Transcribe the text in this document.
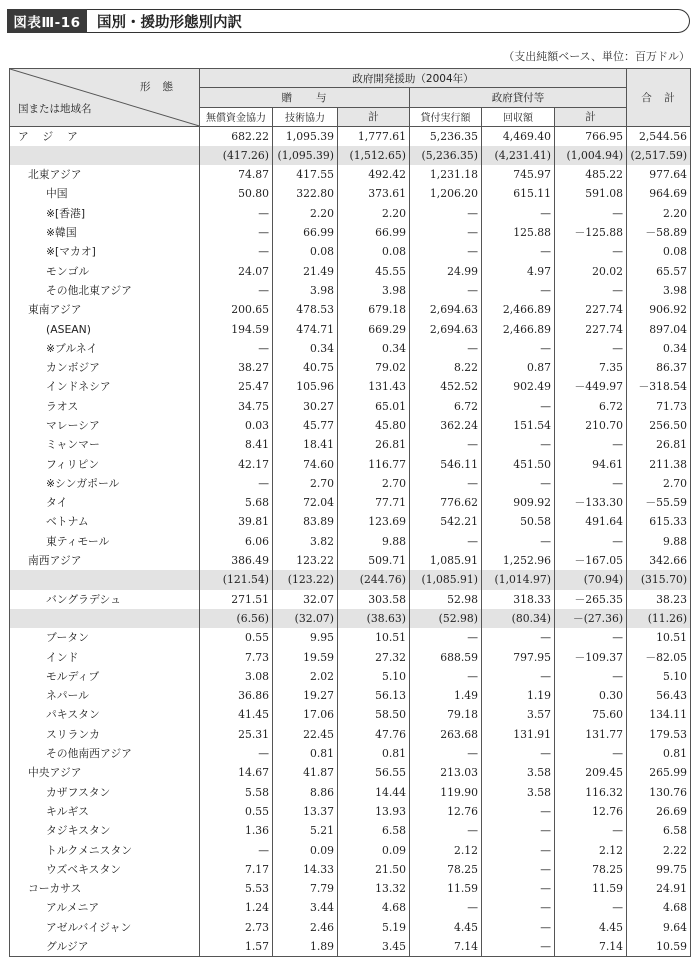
図表Ⅲ-16	国別・援助形態別内訳
（支出純額ベース、単位：百万ドル）
形態
国または地域名	政府開発援助（2004年）						合　計
	贈　　与			政府貸付等			
	無償資金協力	技術協力	計	貸付実行額	回収額	計	
アジア	682.22	1,095.39	1,777.61	5,236.35	4,469.40	766.95	2,544.56
	(417.26)	(1,095.39)	(1,512.65)	(5,236.35)	(4,231.41)	(1,004.94)	(2,517.59)
北東アジア	74.87	417.55	492.42	1,231.18	745.97	485.22	977.64
中国	50.80	322.80	373.61	1,206.20	615.11	591.08	964.69
※[香港]	—	2.20	2.20	—	—	—	2.20
※韓国	—	66.99	66.99	—	125.88	－125.88	－58.89
※[マカオ]	—	0.08	0.08	—	—	—	0.08
モンゴル	24.07	21.49	45.55	24.99	4.97	20.02	65.57
その他北東アジア	—	3.98	3.98	—	—	—	3.98
東南アジア	200.65	478.53	679.18	2,694.63	2,466.89	227.74	906.92
(ASEAN)	194.59	474.71	669.29	2,694.63	2,466.89	227.74	897.04
※ブルネイ	—	0.34	0.34	—	—	—	0.34
カンボジア	38.27	40.75	79.02	8.22	0.87	7.35	86.37
インドネシア	25.47	105.96	131.43	452.52	902.49	－449.97	－318.54
ラオス	34.75	30.27	65.01	6.72	—	6.72	71.73
マレーシア	0.03	45.77	45.80	362.24	151.54	210.70	256.50
ミャンマー	8.41	18.41	26.81	—	—	—	26.81
フィリピン	42.17	74.60	116.77	546.11	451.50	94.61	211.38
※シンガポール	—	2.70	2.70	—	—	—	2.70
タイ	5.68	72.04	77.71	776.62	909.92	－133.30	－55.59
ベトナム	39.81	83.89	123.69	542.21	50.58	491.64	615.33
東ティモール	6.06	3.82	9.88	—	—	—	9.88
南西アジア	386.49	123.22	509.71	1,085.91	1,252.96	－167.05	342.66
	(121.54)	(123.22)	(244.76)	(1,085.91)	(1,014.97)	(70.94)	(315.70)
バングラデシュ	271.51	32.07	303.58	52.98	318.33	－265.35	38.23
	(6.56)	(32.07)	(38.63)	(52.98)	(80.34)	－(27.36)	(11.26)
ブータン	0.55	9.95	10.51	—	—	—	10.51
インド	7.73	19.59	27.32	688.59	797.95	－109.37	－82.05
モルディブ	3.08	2.02	5.10	—	—	—	5.10
ネパール	36.86	19.27	56.13	1.49	1.19	0.30	56.43
パキスタン	41.45	17.06	58.50	79.18	3.57	75.60	134.11
スリランカ	25.31	22.45	47.76	263.68	131.91	131.77	179.53
その他南西アジア	—	0.81	0.81	—	—	—	0.81
中央アジア	14.67	41.87	56.55	213.03	3.58	209.45	265.99
カザフスタン	5.58	8.86	14.44	119.90	3.58	116.32	130.76
キルギス	0.55	13.37	13.93	12.76	—	12.76	26.69
タジキスタン	1.36	5.21	6.58	—	—	—	6.58
トルクメニスタン	—	0.09	0.09	2.12	—	2.12	2.22
ウズベキスタン	7.17	14.33	21.50	78.25	—	78.25	99.75
コーカサス	5.53	7.79	13.32	11.59	—	11.59	24.91
アルメニア	1.24	3.44	4.68	—	—	—	4.68
アゼルバイジャン	2.73	2.46	5.19	4.45	—	4.45	9.64
グルジア	1.57	1.89	3.45	7.14	—	7.14	10.59
